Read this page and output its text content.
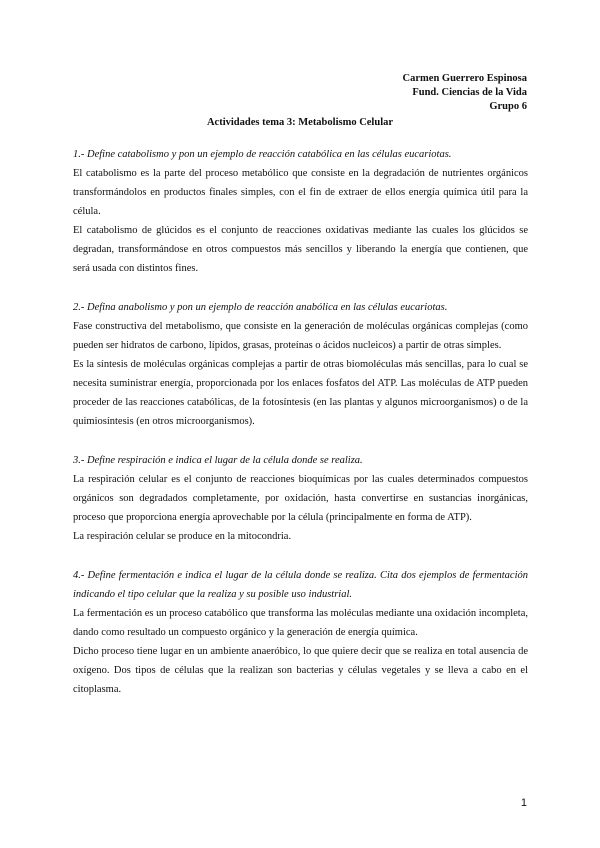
Carmen Guerrero Espinosa
Fund. Ciencias de la Vida
Grupo 6
Actividades tema 3: Metabolismo Celular

1.- Define catabolismo y pon un ejemplo de reacción catabólica en las células eucariotas.

El catabolismo es la parte del proceso metabólico que consiste en la degradación de nutrientes orgánicos transformándolos en productos finales simples, con el fin de extraer de ellos energía química útil para la célula.

El catabolismo de glúcidos es el conjunto de reacciones oxidativas mediante las cuales los glúcidos se degradan, transformándose en otros compuestos más sencillos y liberando la energía que contienen, que será usada con distintos fines.

2.- Defina anabolismo y pon un ejemplo de reacción anabólica en las células eucariotas.

Fase constructiva del metabolismo, que consiste en la generación de moléculas orgánicas complejas (como pueden ser hidratos de carbono, lípidos, grasas, proteínas o ácidos nucleicos) a partir de otras simples.

Es la síntesis de moléculas orgánicas complejas a partir de otras biomoléculas más sencillas, para lo cual se necesita suministrar energía, proporcionada por los enlaces fosfatos del ATP. Las moléculas de ATP pueden proceder de las reacciones catabólicas, de la fotosíntesis (en las plantas y algunos microorganismos) o de la quimiosíntesis (en otros microorganismos).

3.- Define respiración e indica el lugar de la célula donde se realiza.

La respiración celular es el conjunto de reacciones bioquímicas por las cuales determinados compuestos orgánicos son degradados completamente, por oxidación, hasta convertirse en sustancias inorgánicas, proceso que proporciona energía aprovechable por la célula (principalmente en forma de ATP).

La respiración celular se produce en la mitocondria.

4.- Define fermentación e indica el lugar de la célula donde se realiza. Cita dos ejemplos de fermentación indicando el tipo celular que la realiza y su posible uso industrial.

La fermentación es un proceso catabólico que transforma las moléculas mediante una oxidación incompleta, dando como resultado un compuesto orgánico y la generación de energía química.

Dicho proceso tiene lugar en un ambiente anaeróbico, lo que quiere decir que se realiza en total ausencia de oxígeno. Dos tipos de células que la realizan son bacterias y células vegetales y se lleva a cabo en el citoplasma.

1
